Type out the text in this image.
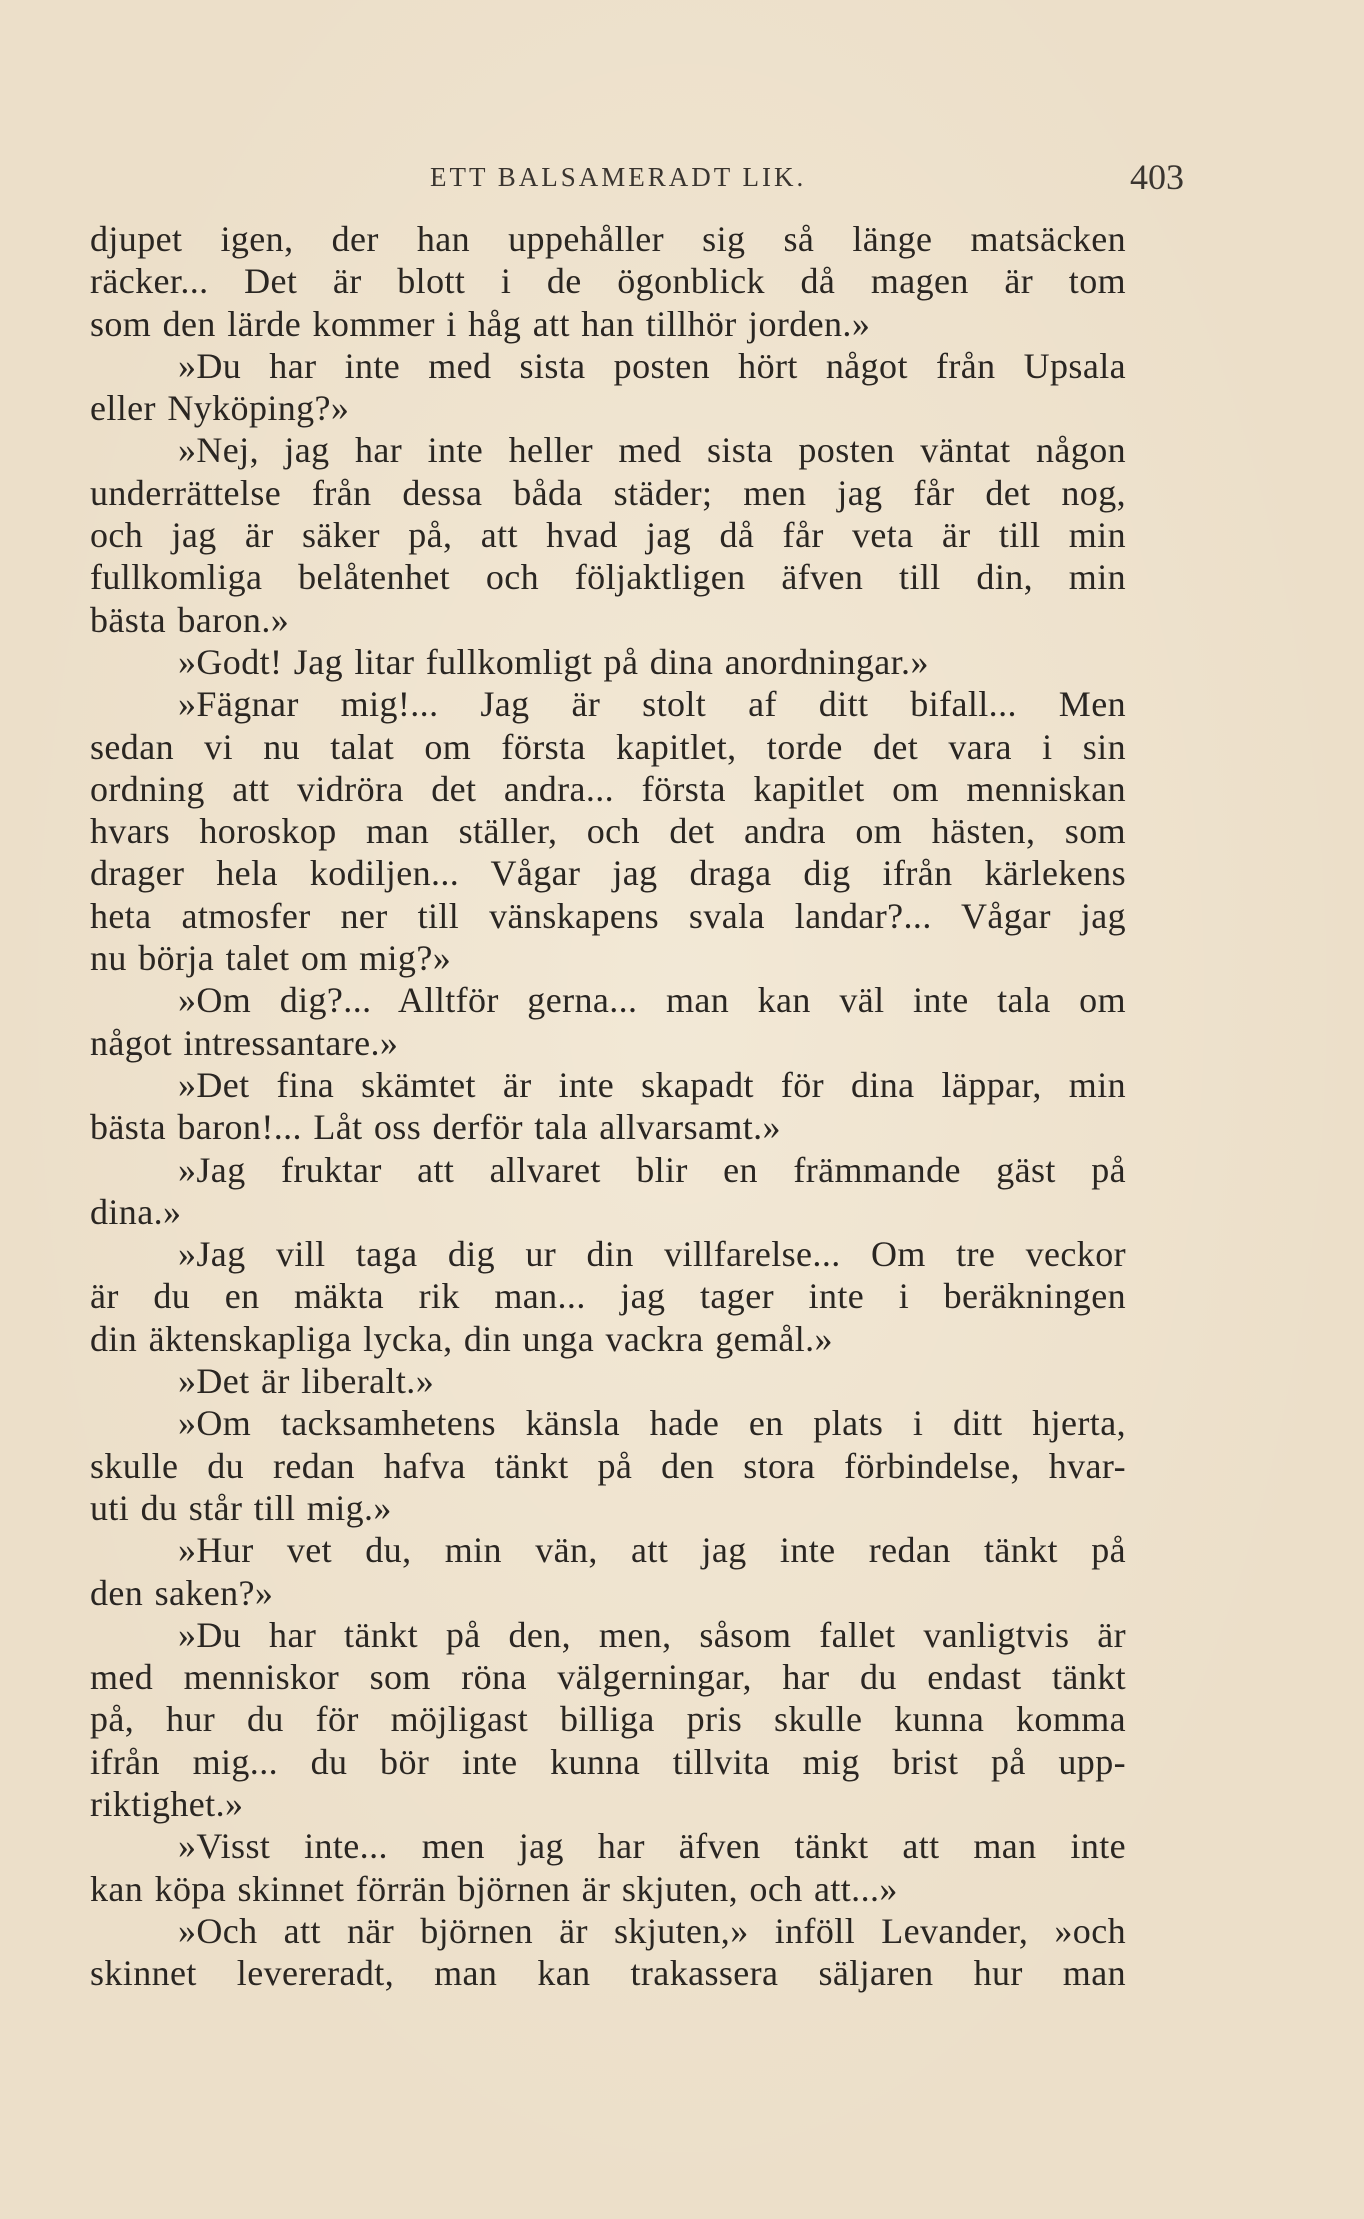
ETT BALSAMERADT LIK.	403
djupet igen, der han uppehåller sig så länge matsäcken
räcker... Det är blott i de ögonblick då magen är tom
som den lärde kommer i håg att han tillhör jorden.»
»Du har inte med sista posten hört något från Upsala
eller Nyköping?»
»Nej, jag har inte heller med sista posten väntat någon
underrättelse från dessa båda städer; men jag får det nog,
och jag är säker på, att hvad jag då får veta är till min
fullkomliga belåtenhet och följaktligen äfven till din, min
bästa baron.»
»Godt! Jag litar fullkomligt på dina anordningar.»
»Fägnar mig!... Jag är stolt af ditt bifall... Men
sedan vi nu talat om första kapitlet, torde det vara i sin
ordning att vidröra det andra... första kapitlet om menniskan
hvars horoskop man ställer, och det andra om hästen, som
drager hela kodiljen... Vågar jag draga dig ifrån kärlekens
heta atmosfer ner till vänskapens svala landar?... Vågar jag
nu börja talet om mig?»
»Om dig?... Alltför gerna... man kan väl inte tala om
något intressantare.»
»Det fina skämtet är inte skapadt för dina läppar, min
bästa baron!... Låt oss derför tala allvarsamt.»
»Jag fruktar att allvaret blir en främmande gäst på
dina.»
»Jag vill taga dig ur din villfarelse... Om tre veckor
är du en mäkta rik man... jag tager inte i beräkningen
din äktenskapliga lycka, din unga vackra gemål.»
»Det är liberalt.»
»Om tacksamhetens känsla hade en plats i ditt hjerta,
skulle du redan hafva tänkt på den stora förbindelse, hvar-
uti du står till mig.»
»Hur vet du, min vän, att jag inte redan tänkt på
den saken?»
»Du har tänkt på den, men, såsom fallet vanligtvis är
med menniskor som röna välgerningar, har du endast tänkt
på, hur du för möjligast billiga pris skulle kunna komma
ifrån mig... du bör inte kunna tillvita mig brist på upp-
riktighet.»
»Visst inte... men jag har äfven tänkt att man inte
kan köpa skinnet förrän björnen är skjuten, och att...»
»Och att när björnen är skjuten,» inföll Levander, »och
skinnet levereradt, man kan trakassera säljaren hur man
